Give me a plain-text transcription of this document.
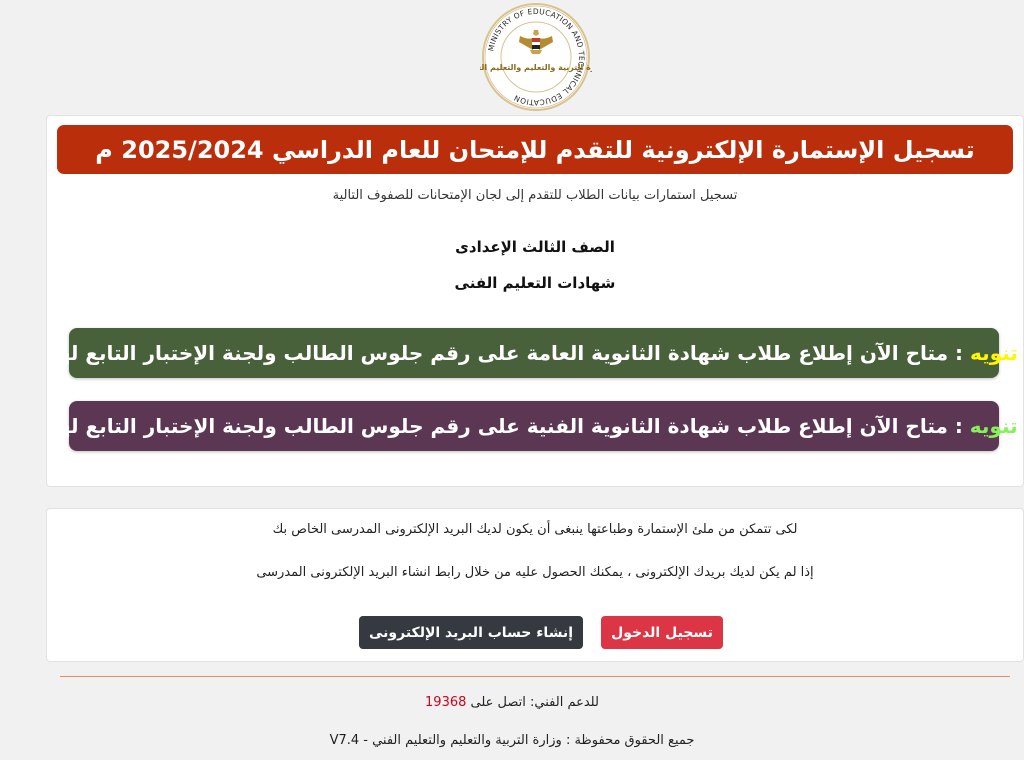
MINISTRY OF EDUCATION AND TECHNICAL EDUCATION
ة التربية والتعليم والتعليم ال
تسجيل الإستمارة الإلكترونية للتقدم للإمتحان للعام الدراسي 2025/2024 م
تسجيل استمارات بيانات الطلاب للتقدم إلى لجان الإمتحانات للصفوف التالية
الصف الثالث الإعدادى
شهادات التعليم الفنى
تنويه : متاح الآن إطلاع طلاب شهادة الثانوية العامة على رقم جلوس الطالب ولجنة الإختبار التابع لها
تنويه : متاح الآن إطلاع طلاب شهادة الثانوية الفنية على رقم جلوس الطالب ولجنة الإختبار التابع لها
لكى تتمكن من ملئ الإستمارة وطباعتها ينبغى أن يكون لديك البريد الإلكترونى المدرسى الخاص بك
إذا لم يكن لديك بريدك الإلكترونى ، يمكنك الحصول عليه من خلال رابط انشاء البريد الإلكترونى المدرسى
تسجيل الدخول
إنشاء حساب البريد الإلكترونى
للدعم الفني: اتصل على 19368
جميع الحقوق محفوظة : وزارة التربية والتعليم والتعليم الفني - V7.4
